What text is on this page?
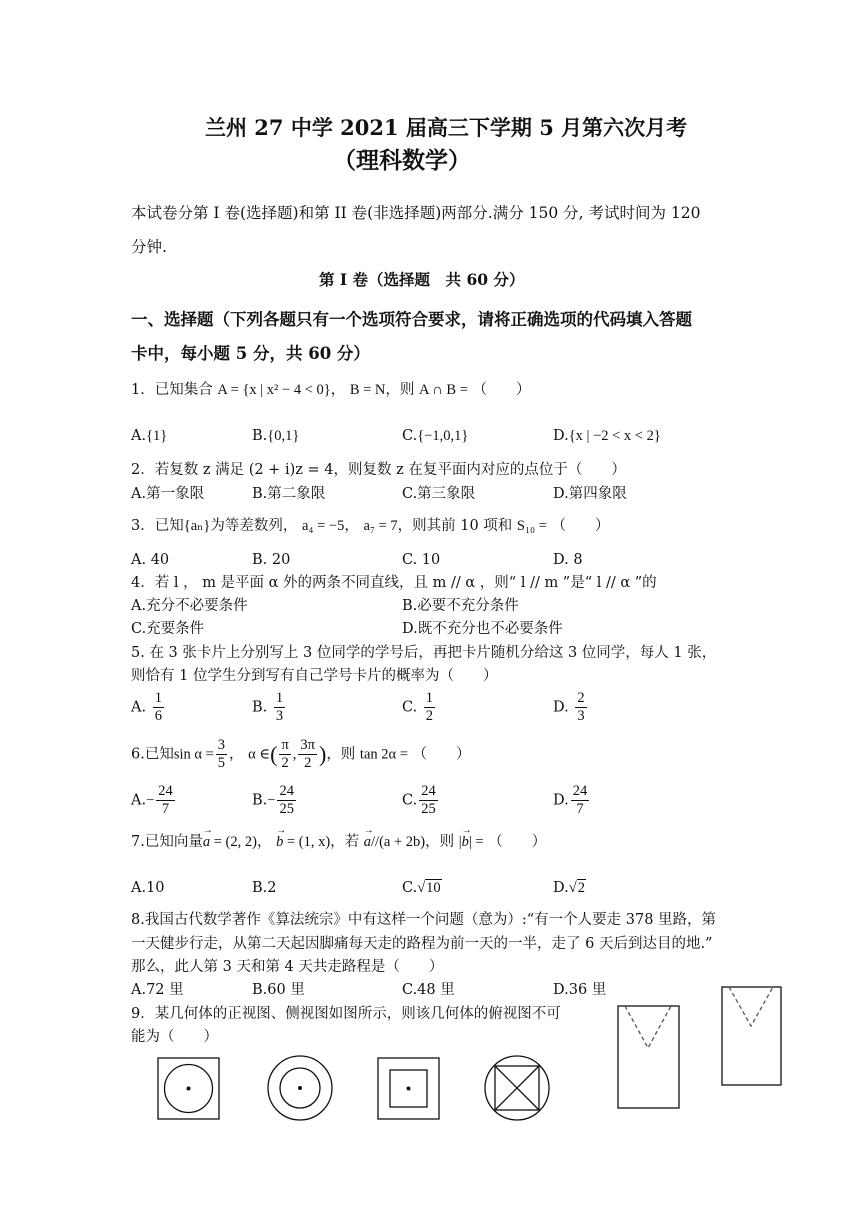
兰州 27 中学 2021 届高三下学期 5 月第六次月考
（理科数学）
本试卷分第 I 卷(选择题)和第 II 卷(非选择题)两部分.满分 150 分, 考试时间为 120
分钟.
第 I 卷（选择题　共 60 分）
一、选择题（下列各题只有一个选项符合要求，请将正确选项的代码填入答题
卡中，每小题 5 分，共 60 分）
1．已知集合 A = {x | x² − 4 < 0}， B = N，则 A ∩ B = （　　）
A.{1}	B.{0,1}	C.{−1,0,1}	D.{x | −2 < x < 2}
2．若复数 z 满足 (2 + i)z = 4，则复数 z 在复平面内对应的点位于（　　）
A.第一象限	B.第二象限	C.第三象限	D.第四象限
3．已知{aₙ}为等差数列， a₄ = −5， a₇ = 7，则其前 10 项和 S₁₀ = （　　）
A. 40	B. 20	C. 10	D. 8
4．若 l ， m 是平面 α 外的两条不同直线，且 m // α ，则“ l // m ”是“ l // α ”的
A.充分不必要条件	B.必要不充分条件
C.充要条件	D.既不充分也不必要条件
5. 在 3 张卡片上分别写上 3 位同学的学号后，再把卡片随机分给这 3 位同学，每人 1 张，
则恰有 1 位学生分到写有自己学号卡片的概率为（　　）
A. $\frac{1}{6}$	B. $\frac{1}{3}$	C. $\frac{1}{2}$	D. $\frac{2}{3}$
6.已知$\sin \alpha = \frac{3}{5}$ ， α ∈( $\frac{\pi}{2}$ , $\frac{3\pi}{2}$ )，则 tan 2α = （　　）
$A.- \frac{24}{7}$	$B.- \frac{24}{25}$	C. $\frac{24}{25}$	D. $\frac{24}{7}$
7.已知向量→ a = (2, 2)， → b = (1, x)，若 → a//(a + 2b)，则 |→ b| = （　　）
A.10	B.2	C.√10	D.√2
8.我国古代数学著作《算法统宗》中有这样一个问题（意为）:“有一个人要走 378 里路，第
一天健步行走，从第二天起因脚痛每天走的路程为前一天的一半，走了 6 天后到达目的地.”
那么，此人第 3 天和第 4 天共走路程是（　　）
A.72 里	B.60 里	C.48 里	D.36 里
9．某几何体的正视图、侧视图如图所示，则该几何体的俯视图不可
能为（　　）
